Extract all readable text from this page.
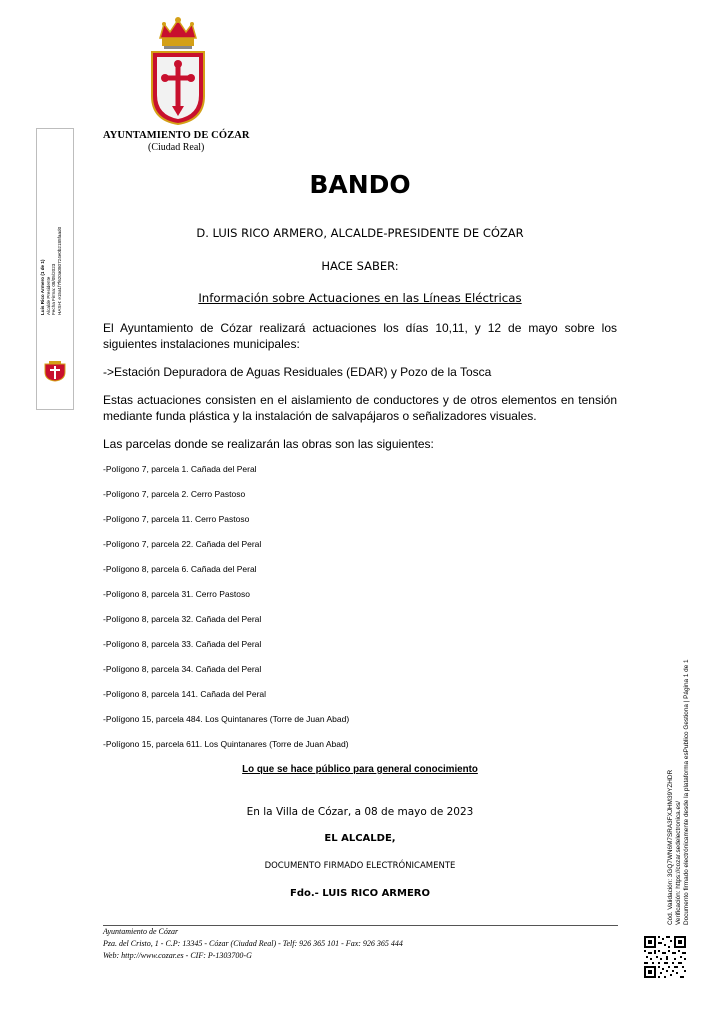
AYUNTAMIENTO DE CÓZAR
(Ciudad Real)
Luis Rico Armero (1 de 1) Alcalde Presidente Fecha Firma: 08/05/2023 HASH: e15a1f7f620a080724e0b2185faad0
BANDO
D. LUIS RICO ARMERO, ALCALDE-PRESIDENTE DE CÓZAR
HACE SABER:
Información sobre Actuaciones en las Líneas Eléctricas
El Ayuntamiento de Cózar realizará actuaciones los días 10,11, y 12 de mayo sobre los siguientes instalaciones municipales:
->Estación Depuradora de Aguas Residuales (EDAR) y Pozo de la Tosca
Estas actuaciones consisten en el aislamiento de conductores y de otros elementos en tensión mediante funda plástica y la instalación de salvapájaros o señalizadores visuales.
Las parcelas donde se realizarán las obras son las siguientes:
-Polígono 7, parcela 1. Cañada del Peral
-Polígono 7, parcela 2. Cerro Pastoso
-Polígono 7, parcela 11. Cerro Pastoso
-Polígono 7, parcela 22. Cañada del Peral
-Polígono 8, parcela 6. Cañada del Peral
-Polígono 8, parcela 31. Cerro Pastoso
-Polígono 8, parcela 32. Cañada del Peral
-Polígono 8, parcela 33. Cañada del Peral
-Polígono 8, parcela 34. Cañada del Peral
-Polígono 8, parcela 141. Cañada del Peral
-Polígono 15, parcela 484. Los Quintanares (Torre de Juan Abad)
-Polígono 15, parcela 611. Los Quintanares (Torre de Juan Abad)
Lo que se hace público para general conocimiento
En la Villa de Cózar, a 08 de mayo de 2023
EL ALCALDE,
DOCUMENTO FIRMADO ELECTRÓNICAMENTE
Fdo.- LUIS RICO ARMERO
Ayuntamiento de Cózar
Pza. del Cristo, 1 - C.P: 13345 - Cózar (Ciudad Real) - Telf: 926 365 101 - Fax: 926 365 444
Web: http://www.cozar.es - CIF: P-1303700-G
Cód. Validación: 3GQ7WN6M7SRA3FXJHM39YZHDR Verificación: https://cozar.sedelectronica.es/ Documento firmado electrónicamente desde la plataforma esPublico Gestiona | Página 1 de 1
